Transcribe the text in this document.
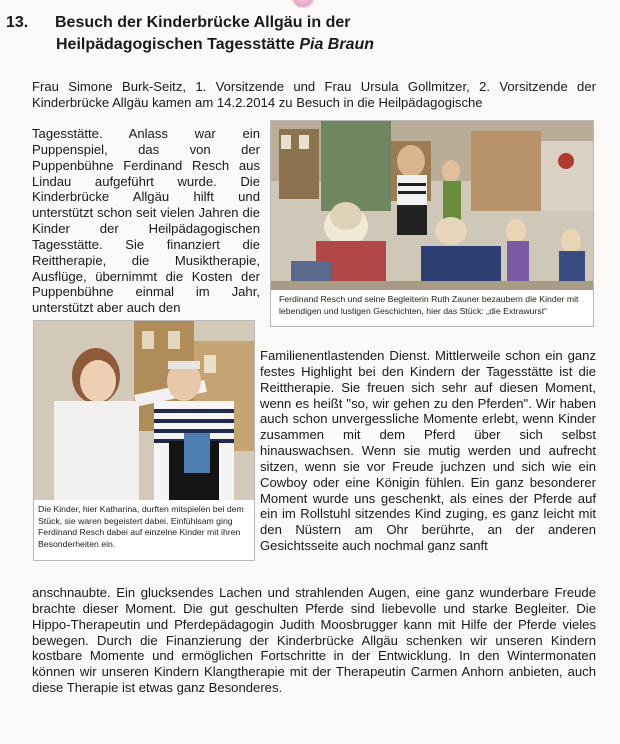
13. Besuch der Kinderbrücke Allgäu in der
Heilpädagogischen Tagesstätte Pia Braun

Frau Simone Burk-Seitz, 1. Vorsitzende und Frau Ursula Gollmitzer, 2. Vorsitzende der Kinderbrücke Allgäu kamen am 14.2.2014 zu Besuch in die Heilpädagogische

Tagesstätte. Anlass war ein Puppenspiel, das von der Puppenbühne Ferdinand Resch aus Lindau aufgeführt wurde. Die Kinderbrücke Allgäu hilft und unterstützt schon seit vielen Jahren die Kinder der Heilpädagogischen Tagesstätte. Sie finanziert die Reittherapie, die Musiktherapie, Ausflüge, übernimmt die Kosten der Puppenbühne einmal im Jahr, unterstützt aber auch den

Ferdinand Resch und seine Begleiterin Ruth Zauner bezaubern die Kinder mit lebendigen und lustigen Geschichten, hier das Stück: „die Extrawurst“

Die Kinder, hier Katharina, durften mitspielen bei dem Stück, sie waren begeistert dabei. Einfühlsam ging Ferdinand Resch dabei auf einzelne Kinder mit ihren Besonderheiten ein.

Familienentlastenden Dienst. Mittlerweile schon ein ganz festes Highlight bei den Kindern der Tagesstätte ist die Reittherapie. Sie freuen sich sehr auf diesen Moment, wenn es heißt "so, wir gehen zu den Pferden". Wir haben auch schon unvergessliche Momente erlebt, wenn Kinder zusammen mit dem Pferd über sich selbst hinauswachsen. Wenn sie mutig werden und aufrecht sitzen, wenn sie vor Freude juchzen und sich wie ein Cowboy oder eine Königin fühlen. Ein ganz besonderer Moment wurde uns geschenkt, als eines der Pferde auf ein im Rollstuhl sitzendes Kind zuging, es ganz leicht mit den Nüstern am Ohr berührte, an der anderen Gesichtsseite auch nochmal ganz sanft

anschnaubte. Ein glucksendes Lachen und strahlenden Augen, eine ganz wunderbare Freude brachte dieser Moment. Die gut geschulten Pferde sind liebevolle und starke Begleiter. Die Hippo-Therapeutin und Pferdepädagogin Judith Moosbrugger kann mit Hilfe der Pferde vieles bewegen. Durch die Finanzierung der Kinderbrücke Allgäu schenken wir unseren Kindern kostbare Momente und ermöglichen Fortschritte in der Entwicklung. In den Wintermonaten können wir unseren Kindern Klangtherapie mit der Therapeutin Carmen Anhorn anbieten, auch diese Therapie ist etwas ganz Besonderes.
